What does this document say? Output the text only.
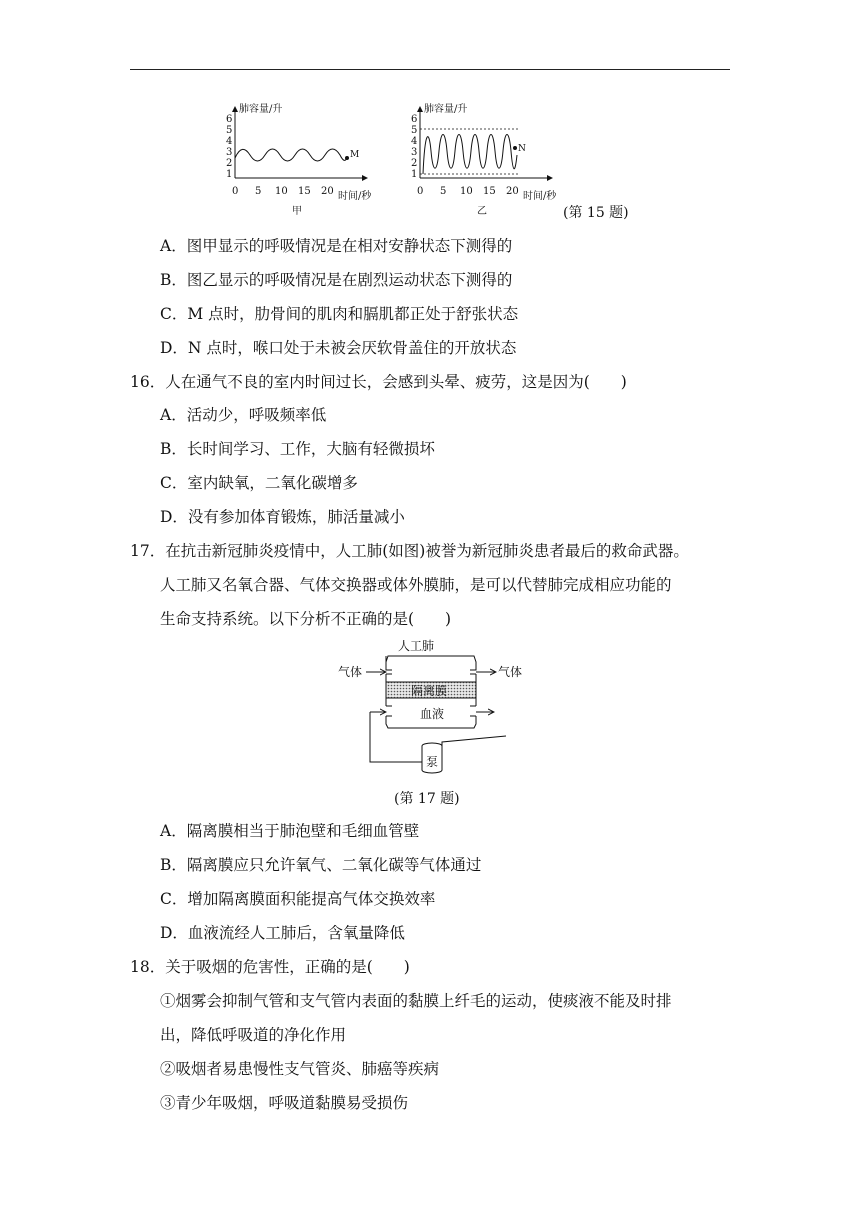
肺容量/升
1
2
3
4
5
6
0 5 10 15 20 时间/秒
M
甲
肺容量/升
1
2
3
4
5
6
0 5 10 15 20 时间/秒
N
乙	(第 15 题)
A．图甲显示的呼吸情况是在相对安静状态下测得的
B．图乙显示的呼吸情况是在剧烈运动状态下测得的
C．M 点时，肋骨间的肌肉和膈肌都正处于舒张状态
D．N 点时，喉口处于未被会厌软骨盖住的开放状态
16．人在通气不良的室内时间过长，会感到头晕、疲劳，这是因为(　　)
A．活动少，呼吸频率低
B．长时间学习、工作，大脑有轻微损坏
C．室内缺氧，二氧化碳增多
D．没有参加体育锻炼，肺活量减小
17．在抗击新冠肺炎疫情中，人工肺(如图)被誉为新冠肺炎患者最后的救命武器。
人工肺又名氧合器、气体交换器或体外膜肺，是可以代替肺完成相应功能的
生命支持系统。以下分析不正确的是(　　)
人工肺
气体	气体
隔离膜
血液
泵
(第 17 题)
A．隔离膜相当于肺泡壁和毛细血管壁
B．隔离膜应只允许氧气、二氧化碳等气体通过
C．增加隔离膜面积能提高气体交换效率
D．血液流经人工肺后，含氧量降低
18．关于吸烟的危害性，正确的是(　　)
①烟雾会抑制气管和支气管内表面的黏膜上纤毛的运动，使痰液不能及时排
出，降低呼吸道的净化作用
②吸烟者易患慢性支气管炎、肺癌等疾病
③青少年吸烟，呼吸道黏膜易受损伤
